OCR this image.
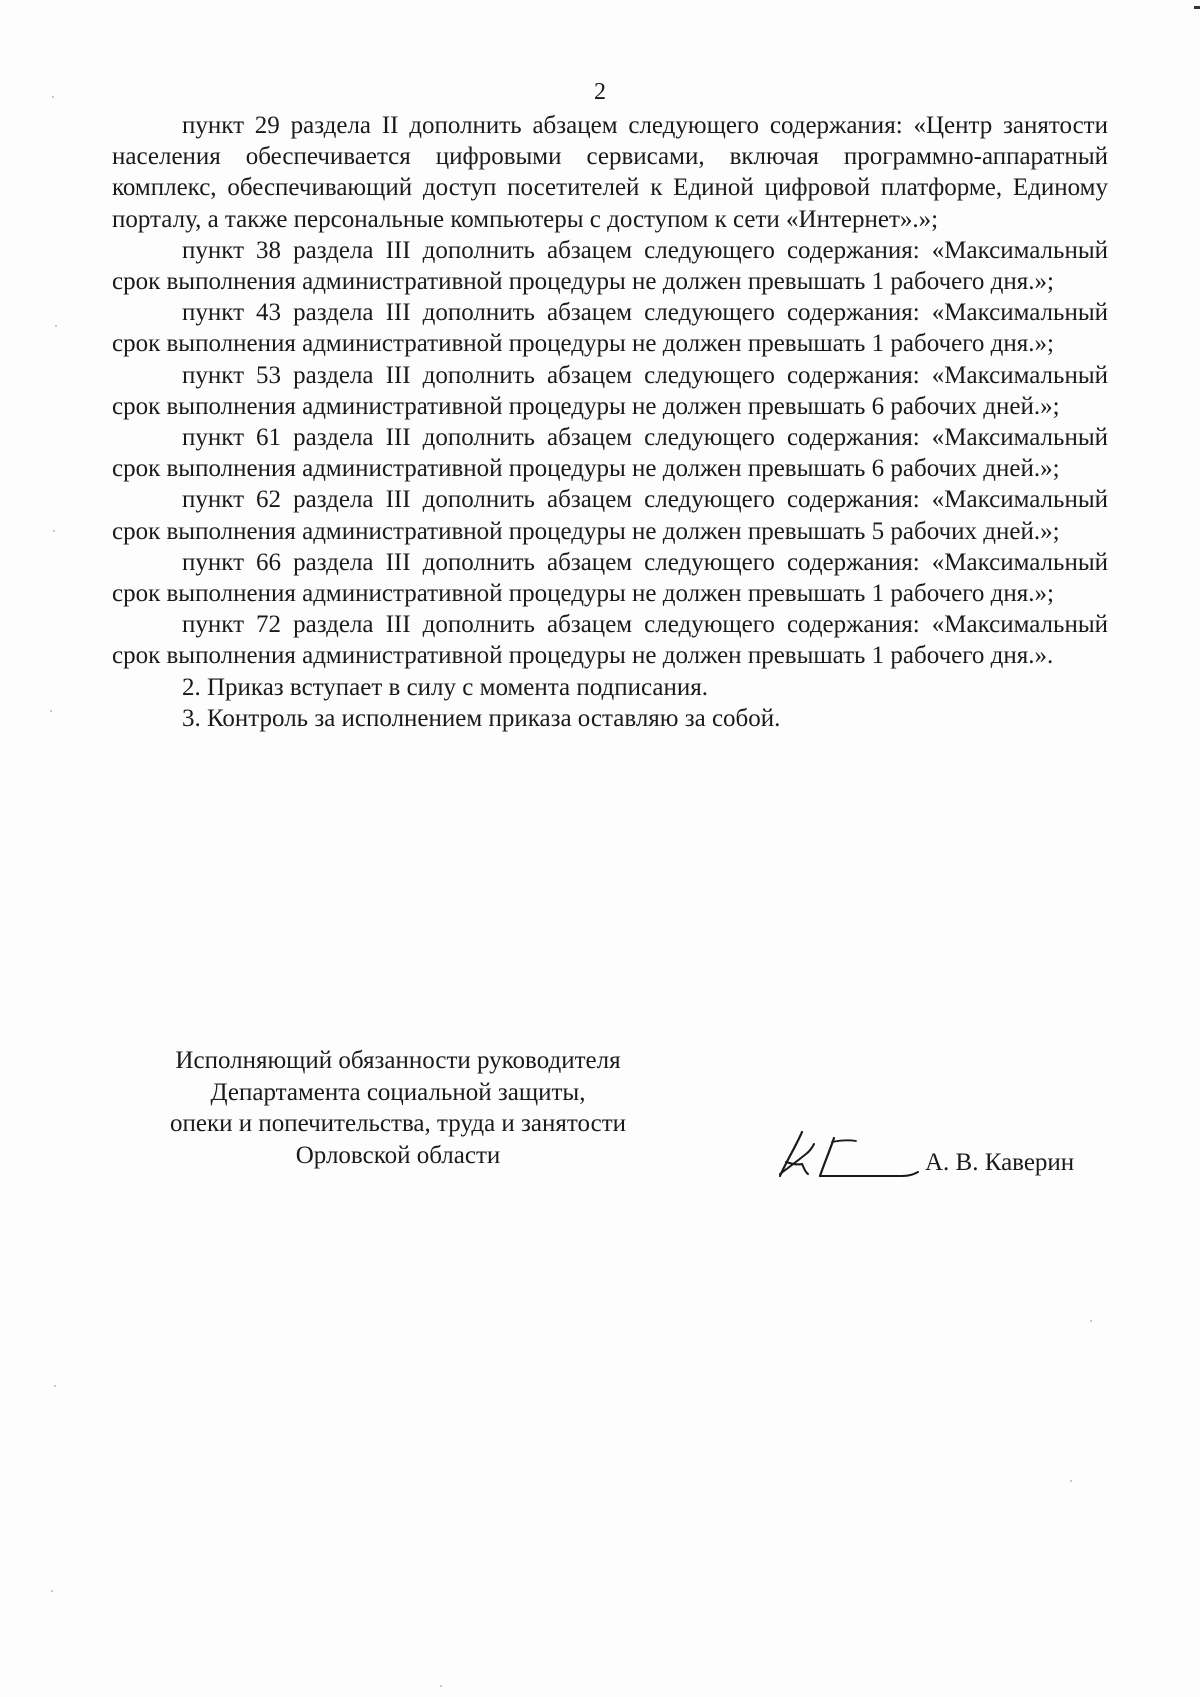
2

пункт 29 раздела II дополнить абзацем следующего содержания: «Центр занятости населения обеспечивается цифровыми сервисами, включая программно-аппаратный комплекс, обеспечивающий доступ посетителей к Единой цифровой платформе, Единому порталу, а также персональные компьютеры с доступом к сети «Интернет».»;

пункт 38 раздела III дополнить абзацем следующего содержания: «Максимальный срок выполнения административной процедуры не должен превышать 1 рабочего дня.»;

пункт 43 раздела III дополнить абзацем следующего содержания: «Максимальный срок выполнения административной процедуры не должен превышать 1 рабочего дня.»;

пункт 53 раздела III дополнить абзацем следующего содержания: «Максимальный срок выполнения административной процедуры не должен превышать 6 рабочих дней.»;

пункт 61 раздела III дополнить абзацем следующего содержания: «Максимальный срок выполнения административной процедуры не должен превышать 6 рабочих дней.»;

пункт 62 раздела III дополнить абзацем следующего содержания: «Максимальный срок выполнения административной процедуры не должен превышать 5 рабочих дней.»;

пункт 66 раздела III дополнить абзацем следующего содержания: «Максимальный срок выполнения административной процедуры не должен превышать 1 рабочего дня.»;

пункт 72 раздела III дополнить абзацем следующего содержания: «Максимальный срок выполнения административной процедуры не должен превышать 1 рабочего дня.».

2. Приказ вступает в силу с момента подписания.

3. Контроль за исполнением приказа оставляю за собой.

Исполняющий обязанности руководителя
Департамента социальной защиты,
опеки и попечительства, труда и занятости
Орловской области	А. В. Каверин
